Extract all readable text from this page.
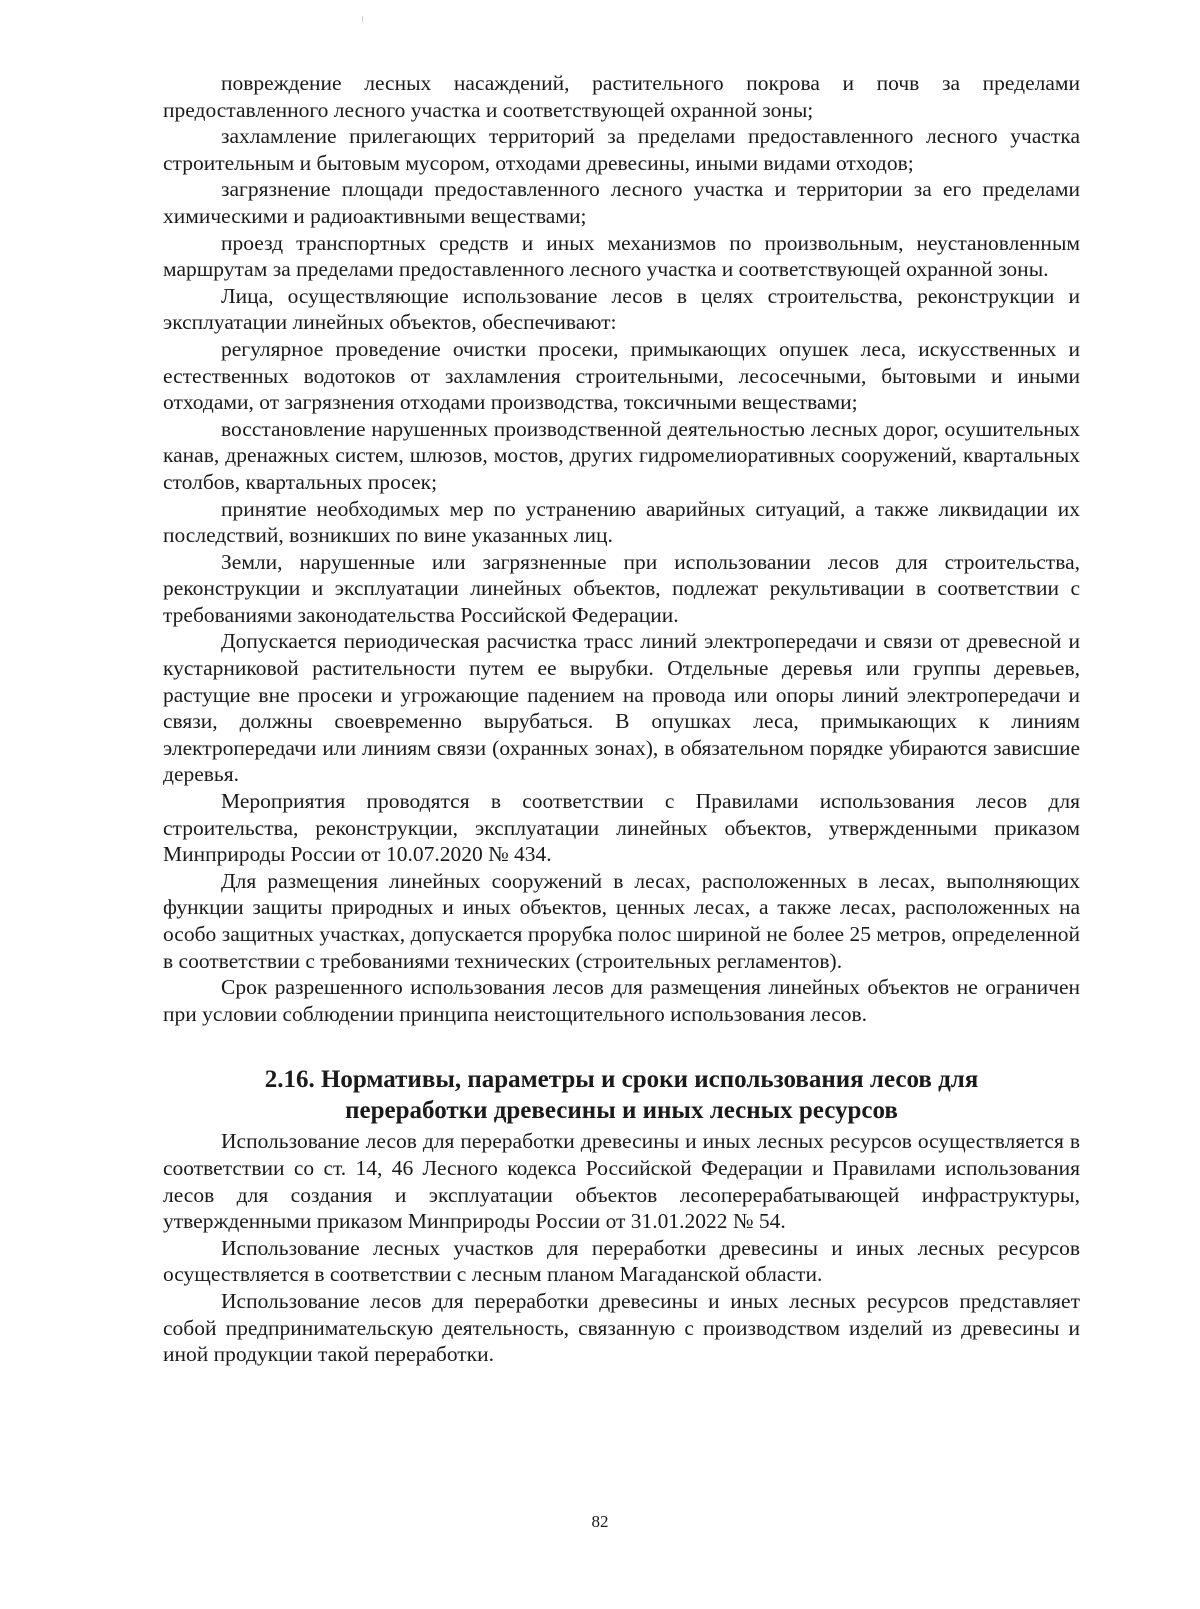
повреждение лесных насаждений, растительного покрова и почв за пределами предоставленного лесного участка и соответствующей охранной зоны;

захламление прилегающих территорий за пределами предоставленного лесного участка строительным и бытовым мусором, отходами древесины, иными видами отходов;

загрязнение площади предоставленного лесного участка и территории за его пределами химическими и радиоактивными веществами;

проезд транспортных средств и иных механизмов по произвольным, неустановленным маршрутам за пределами предоставленного лесного участка и соответствующей охранной зоны.

Лица, осуществляющие использование лесов в целях строительства, реконструкции и эксплуатации линейных объектов, обеспечивают:

регулярное проведение очистки просеки, примыкающих опушек леса, искусственных и естественных водотоков от захламления строительными, лесосечными, бытовыми и иными отходами, от загрязнения отходами производства, токсичными веществами;

восстановление нарушенных производственной деятельностью лесных дорог, осушительных канав, дренажных систем, шлюзов, мостов, других гидромелиоративных сооружений, квартальных столбов, квартальных просек;

принятие необходимых мер по устранению аварийных ситуаций, а также ликвидации их последствий, возникших по вине указанных лиц.

Земли, нарушенные или загрязненные при использовании лесов для строительства, реконструкции и эксплуатации линейных объектов, подлежат рекультивации в соответствии с требованиями законодательства Российской Федерации.

Допускается периодическая расчистка трасс линий электропередачи и связи от древесной и кустарниковой растительности путем ее вырубки. Отдельные деревья или группы деревьев, растущие вне просеки и угрожающие падением на провода или опоры линий электропередачи и связи, должны своевременно вырубаться. В опушках леса, примыкающих к линиям электропередачи или линиям связи (охранных зонах), в обязательном порядке убираются зависшие деревья.

Мероприятия проводятся в соответствии с Правилами использования лесов для строительства, реконструкции, эксплуатации линейных объектов, утвержденными приказом Минприроды России от 10.07.2020 № 434.

Для размещения линейных сооружений в лесах, расположенных в лесах, выполняющих функции защиты природных и иных объектов, ценных лесах, а также лесах, расположенных на особо защитных участках, допускается прорубка полос шириной не более 25 метров, определенной в соответствии с требованиями технических (строительных регламентов).

Срок разрешенного использования лесов для размещения линейных объектов не ограничен при условии соблюдении принципа неистощительного использования лесов.

2.16. Нормативы, параметры и сроки использования лесов для
переработки древесины и иных лесных ресурсов

Использование лесов для переработки древесины и иных лесных ресурсов осуществляется в соответствии со ст. 14, 46 Лесного кодекса Российской Федерации и Правилами использования лесов для создания и эксплуатации объектов лесоперерабатывающей инфраструктуры, утвержденными приказом Минприроды России от 31.01.2022 № 54.

Использование лесных участков для переработки древесины и иных лесных ресурсов осуществляется в соответствии с лесным планом Магаданской области.

Использование лесов для переработки древесины и иных лесных ресурсов представляет собой предпринимательскую деятельность, связанную с производством изделий из древесины и иной продукции такой переработки.

82
